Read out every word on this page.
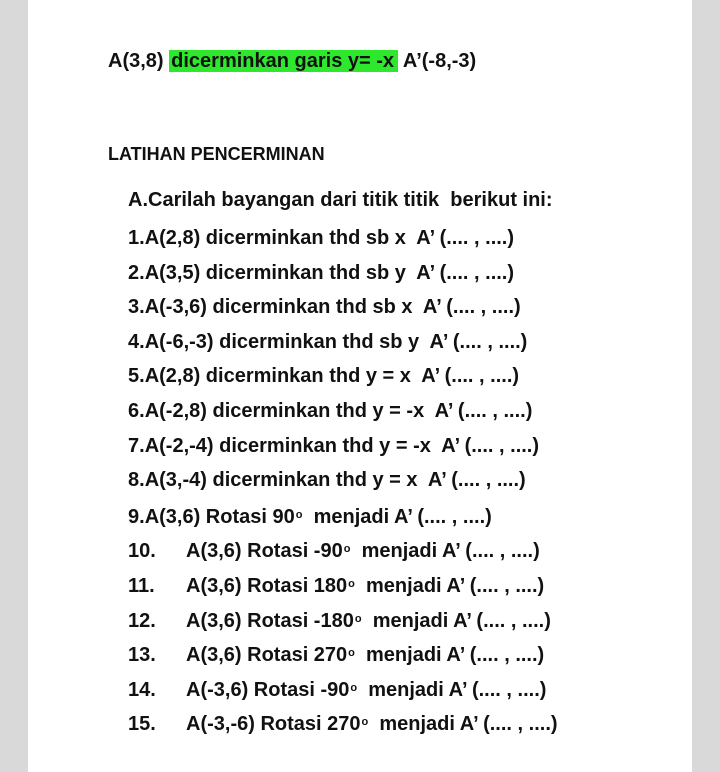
A(3,8) dicerminkan garis y= -x A’(-8,-3)
LATIHAN PENCERMINAN
A.Carilah bayangan dari titik titik  berikut ini:
1.A(2,8) dicerminkan thd sb x  A’ (.... , ....)
2.A(3,5) dicerminkan thd sb y  A’ (.... , ....)
3.A(-3,6) dicerminkan thd sb x  A’ (.... , ....)
4.A(-6,-3) dicerminkan thd sb y  A’ (.... , ....)
5.A(2,8) dicerminkan thd y = x  A’ (.... , ....)
6.A(-2,8) dicerminkan thd y = -x  A’ (.... , ....)
7.A(-2,-4) dicerminkan thd y = -x  A’ (.... , ....)
8.A(3,-4) dicerminkan thd y = x  A’ (.... , ....)
9.A(3,6) Rotasi 90$^o$  menjadi A’ (.... , ....)
10. A(3,6) Rotasi -90$^o$  menjadi A’ (.... , ....)
11. A(3,6) Rotasi 180$^o$  menjadi A’ (.... , ....)
12. A(3,6) Rotasi -180$^o$  menjadi A’ (.... , ....)
13. A(3,6) Rotasi 270$^o$  menjadi A’ (.... , ....)
14. A(-3,6) Rotasi -90$^o$  menjadi A’ (.... , ....)
15. A(-3,-6) Rotasi 270$^o$  menjadi A’ (.... , ....)
